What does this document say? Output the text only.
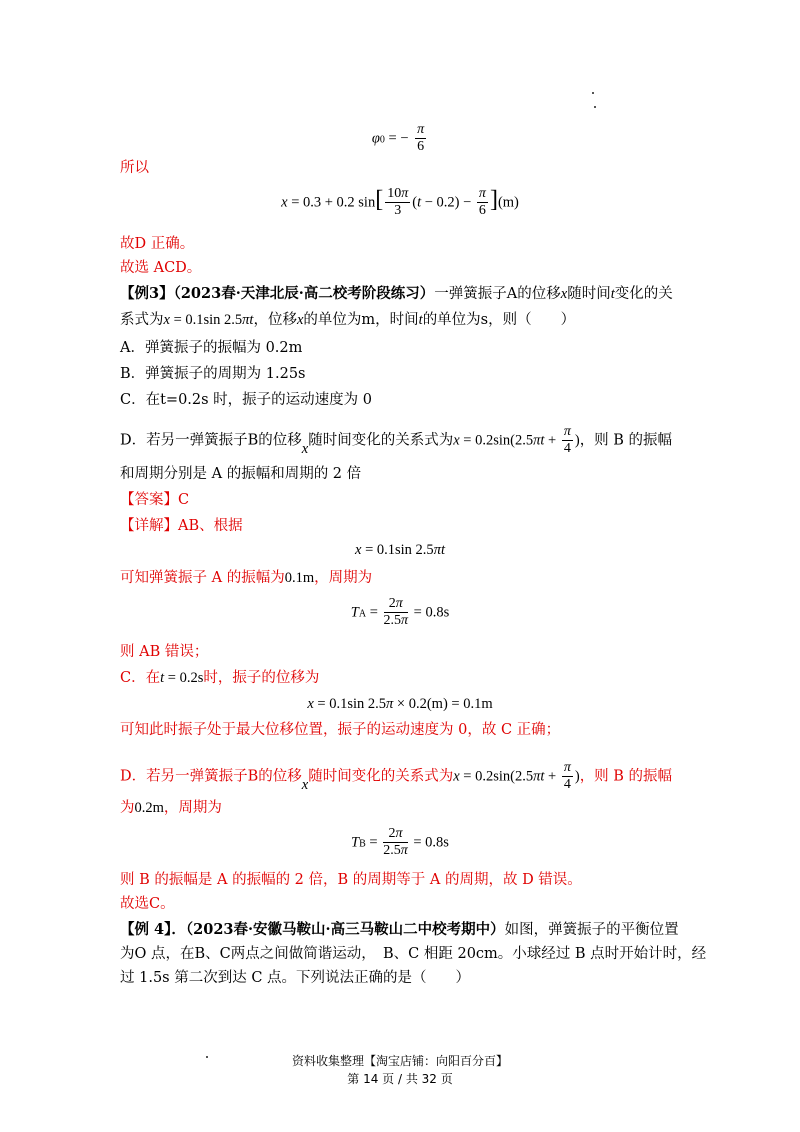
φ0 = − $\frac{\pi}{6}$
所以
x = 0.3 + 0.2 $\sin[ \frac{10\pi}{3} (t - 0.2) - \frac{\pi}{6} ](m)$
故D 正确。
故选 ACD。
【例3】（2023春·天津北辰·高二校考阶段练习）一弹簧振子A的位移x随时间t变化的关
系式为x = 0.1sin 2.5πt，位移x的单位为m，时间t的单位为s，则（　　）
A．弹簧振子的振幅为 0.2m
B．弹簧振子的周期为 1.25s
C．在t=0.2s 时，振子的运动速度为 0
D．若另一弹簧振子B的位移x随时间变化的关系式为$x = 0.2\sin(2.5\pi t + \frac{\pi}{4}$ )，则 B 的振幅
和周期分别是 A 的振幅和周期的 2 倍
【答案】C
【详解】AB、根据
x = 0.1sin 2.5πt
可知弹簧振子 A 的振幅为0.1m，周期为
TA = $\frac{2\pi}{2.5\pi} = 0.8s$
则 AB 错误；
C．在t = 0.2s时，振子的位移为
x = 0.1sin 2.5π × 0.2(m) = 0.1m
可知此时振子处于最大位移位置，振子的运动速度为 0，故 C 正确；
D．若另一弹簧振子B的位移x随时间变化的关系式为$x = 0.2\sin(2.5\pi t + \frac{\pi}{4}$ )，则 B 的振幅
为0.2m，周期为
TB = $\frac{2\pi}{2.5\pi} = 0.8s$
则 B 的振幅是 A 的振幅的 2 倍，B 的周期等于 A 的周期，故 D 错误。
故选C。
【例 4】．（2023春·安徽马鞍山·高三马鞍山二中校考期中）如图，弹簧振子的平衡位置
为O 点，在B、C两点之间做简谐运动，　B、C 相距 20cm。小球经过 B 点时开始计时，经
过 1.5s 第二次到达 C 点。下列说法正确的是（　　）
资料收集整理【淘宝店铺：向阳百分百】
第 14 页 / 共 32 页
